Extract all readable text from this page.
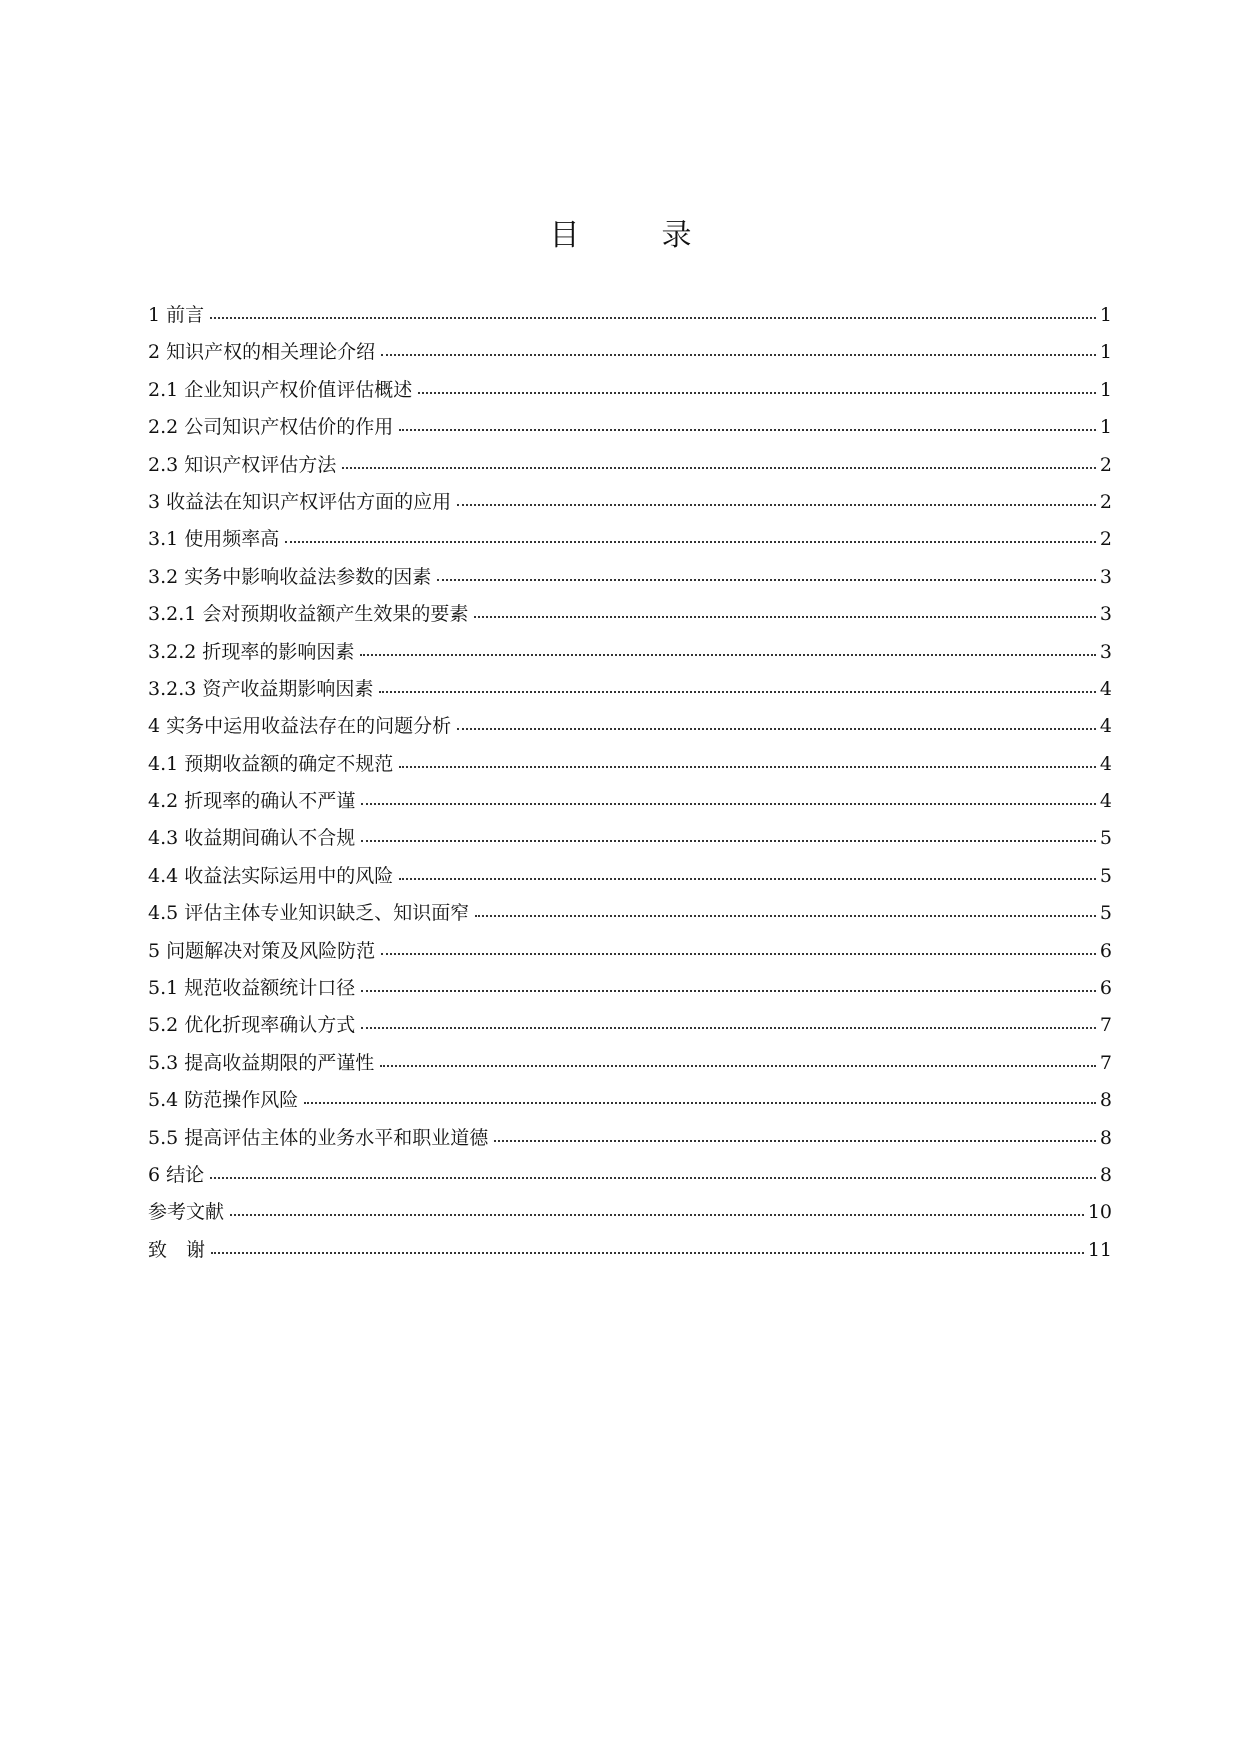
目　录
1 前言	1
2 知识产权的相关理论介绍	1
2.1 企业知识产权价值评估概述	1
2.2 公司知识产权估价的作用	1
2.3 知识产权评估方法	2
3 收益法在知识产权评估方面的应用	2
3.1 使用频率高	2
3.2 实务中影响收益法参数的因素	3
3.2.1 会对预期收益额产生效果的要素	3
3.2.2 折现率的影响因素	3
3.2.3 资产收益期影响因素	4
4 实务中运用收益法存在的问题分析	4
4.1 预期收益额的确定不规范	4
4.2 折现率的确认不严谨	4
4.3 收益期间确认不合规	5
4.4 收益法实际运用中的风险	5
4.5 评估主体专业知识缺乏、知识面窄	5
5 问题解决对策及风险防范	6
5.1 规范收益额统计口径	6
5.2 优化折现率确认方式	7
5.3 提高收益期限的严谨性	7
5.4 防范操作风险	8
5.5 提高评估主体的业务水平和职业道德	8
6 结论	8
参考文献	10
致　谢	11
